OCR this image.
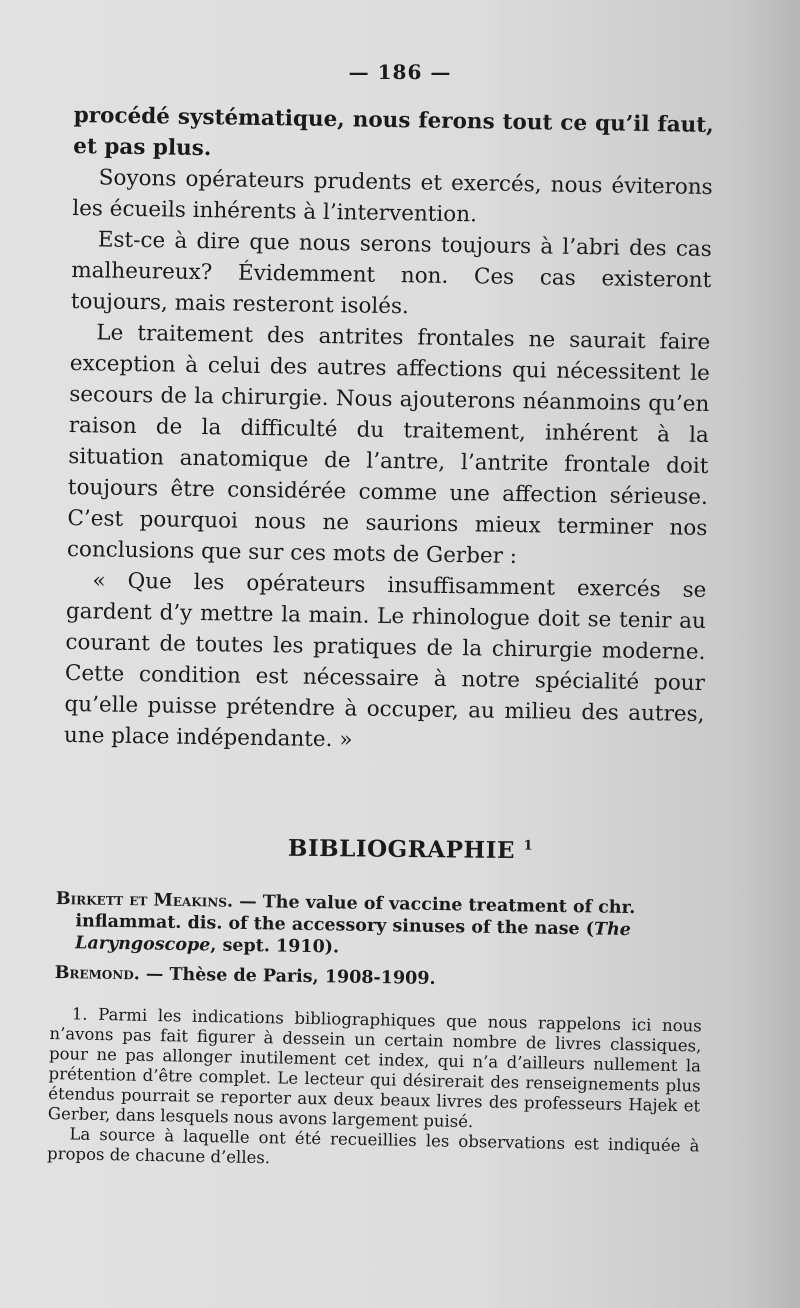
— 186 —

procédé systématique, nous ferons tout ce qu’il faut, et pas plus.

Soyons opérateurs prudents et exercés, nous éviterons les écueils inhérents à l’intervention.

Est-ce à dire que nous serons toujours à l’abri des cas malheureux? Évidemment non. Ces cas existeront toujours, mais resteront isolés.

Le traitement des antrites frontales ne saurait faire exception à celui des autres affections qui nécessitent le secours de la chirurgie. Nous ajouterons néanmoins qu’en raison de la difficulté du traitement, inhérent à la situation anatomique de l’antre, l’antrite frontale doit toujours être considérée comme une affection sérieuse. C’est pourquoi nous ne saurions mieux terminer nos conclusions que sur ces mots de Gerber :

« Que les opérateurs insuffisamment exercés se gardent d’y mettre la main. Le rhinologue doit se tenir au courant de toutes les pratiques de la chirurgie moderne. Cette condition est nécessaire à notre spécialité pour qu’elle puisse prétendre à occuper, au milieu des autres, une place indépendante. »

BIBLIOGRAPHIE $^1$

Birkett et Meakins. — The value of vaccine treatment of chr. inflammat. dis. of the accessory sinuses of the nase (The Laryngoscope, sept. 1910).

Bremond. — Thèse de Paris, 1908-1909.

1. Parmi les indications bibliographiques que nous rappelons ici nous n’avons pas fait figurer à dessein un certain nombre de livres classiques, pour ne pas allonger inutilement cet index, qui n’a d’ailleurs nullement la prétention d’être complet. Le lecteur qui désirerait des renseignements plus étendus pourrait se reporter aux deux beaux livres des professeurs Hajek et Gerber, dans lesquels nous avons largement puisé.

La source à laquelle ont été recueillies les observations est indiquée à propos de chacune d’elles.
